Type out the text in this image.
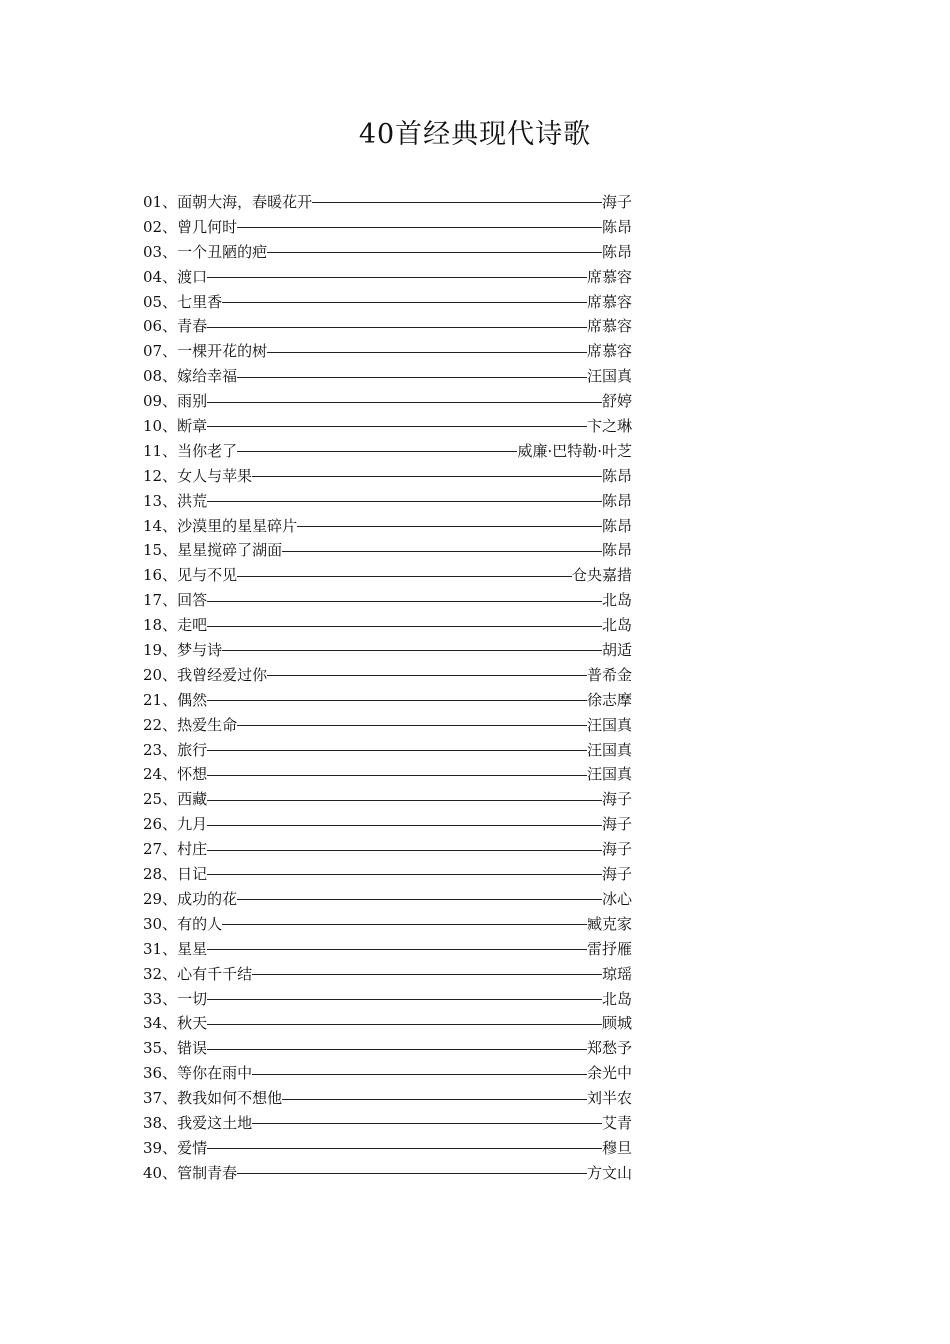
40首经典现代诗歌
01、 面朝大海，春暖花开	海子
02、 曾几何时	陈昂
03、 一个丑陋的疤	陈昂
04、 渡口	席慕容
05、 七里香	席慕容
06、 青春	席慕容
07、 一棵开花的树	席慕容
08、 嫁给幸福	汪国真
09、 雨别	舒婷
10、 断章	卞之琳
11、 当你老了	威廉·巴特勒·叶芝
12、 女人与苹果	陈昂
13、 洪荒	陈昂
14、 沙漠里的星星碎片	陈昂
15、 星星搅碎了湖面	陈昂
16、 见与不见	仓央嘉措
17、 回答	北岛
18、 走吧	北岛
19、 梦与诗	胡适
20、 我曾经爱过你	普希金
21、 偶然	徐志摩
22、 热爱生命	汪国真
23、 旅行	汪国真
24、 怀想	汪国真
25、 西藏	海子
26、 九月	海子
27、 村庄	海子
28、 日记	海子
29、 成功的花	冰心
30、 有的人	臧克家
31、 星星	雷抒雁
32、 心有千千结	琼瑶
33、 一切	北岛
34、 秋天	顾城
35、 错误	郑愁予
36、 等你在雨中	余光中
37、 教我如何不想他	刘半农
38、 我爱这土地	艾青
39、 爱情	穆旦
40、 管制青春	方文山
